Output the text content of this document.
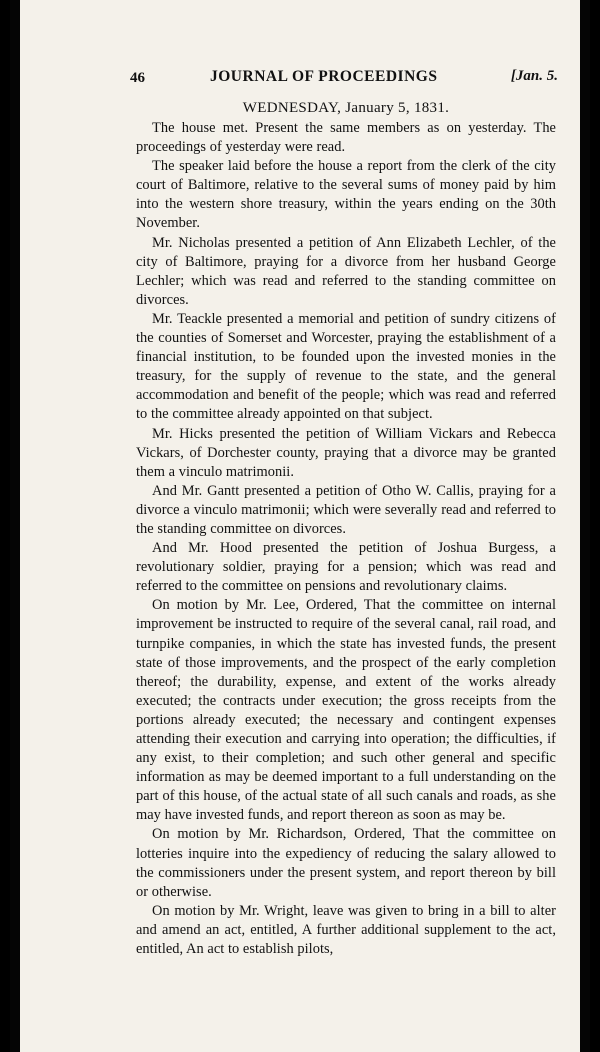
46	JOURNAL OF PROCEEDINGS	[Jan. 5.
WEDNESDAY, January 5, 1831.

The house met. Present the same members as on yesterday. The proceedings of yesterday were read.

The speaker laid before the house a report from the clerk of the city court of Baltimore, relative to the several sums of money paid by him into the western shore treasury, within the years ending on the 30th November.

Mr. Nicholas presented a petition of Ann Elizabeth Lechler, of the city of Baltimore, praying for a divorce from her husband George Lechler; which was read and referred to the standing committee on divorces.

Mr. Teackle presented a memorial and petition of sundry citizens of the counties of Somerset and Worcester, praying the establishment of a financial institution, to be founded upon the invested monies in the treasury, for the supply of revenue to the state, and the general accommodation and benefit of the people; which was read and referred to the committee already appointed on that subject.

Mr. Hicks presented the petition of William Vickars and Rebecca Vickars, of Dorchester county, praying that a divorce may be granted them a vinculo matrimonii.

And Mr. Gantt presented a petition of Otho W. Callis, praying for a divorce a vinculo matrimonii; which were severally read and referred to the standing committee on divorces.

And Mr. Hood presented the petition of Joshua Burgess, a revolutionary soldier, praying for a pension; which was read and referred to the committee on pensions and revolutionary claims.

On motion by Mr. Lee, Ordered, That the committee on internal improvement be instructed to require of the several canal, rail road, and turnpike companies, in which the state has invested funds, the present state of those improvements, and the prospect of the early completion thereof; the durability, expense, and extent of the works already executed; the contracts under execution; the gross receipts from the portions already executed; the necessary and contingent expenses attending their execution and carrying into operation; the difficulties, if any exist, to their completion; and such other general and specific information as may be deemed important to a full understanding on the part of this house, of the actual state of all such canals and roads, as she may have invested funds, and report thereon as soon as may be.

On motion by Mr. Richardson, Ordered, That the committee on lotteries inquire into the expediency of reducing the salary allowed to the commissioners under the present system, and report thereon by bill or otherwise.

On motion by Mr. Wright, leave was given to bring in a bill to alter and amend an act, entitled, A further additional supplement to the act, entitled, An act to establish pilots,
